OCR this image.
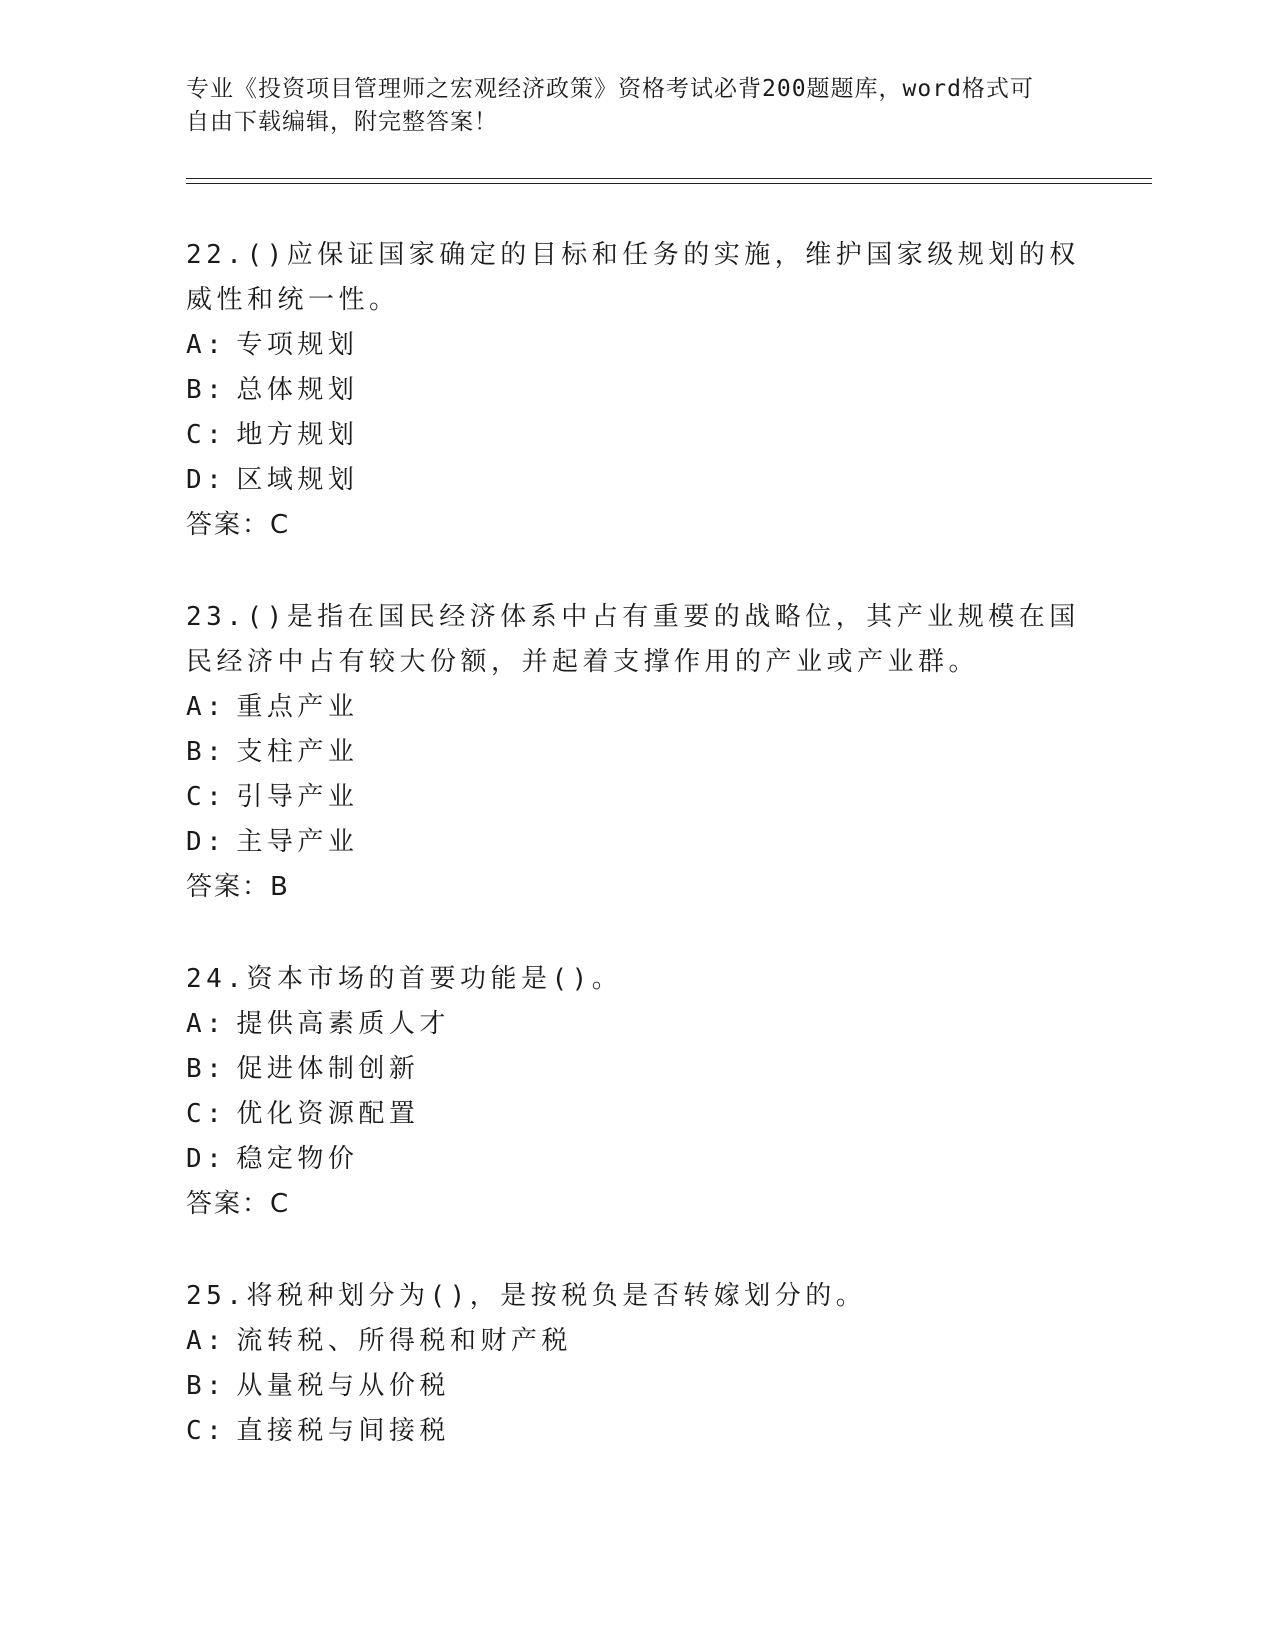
专业《投资项目管理师之宏观经济政策》资格考试必背200题题库，word格式可
自由下载编辑，附完整答案！
22.()应保证国家确定的目标和任务的实施，维护国家级规划的权威性和统一性。
A: 专项规划
B: 总体规划
C: 地方规划
D: 区域规划
答案：C
23.()是指在国民经济体系中占有重要的战略位，其产业规模在国民经济中占有较大份额，并起着支撑作用的产业或产业群。
A: 重点产业
B: 支柱产业
C: 引导产业
D: 主导产业
答案：B
24.资本市场的首要功能是()。
A: 提供高素质人才
B: 促进体制创新
C: 优化资源配置
D: 稳定物价
答案：C
25.将税种划分为()，是按税负是否转嫁划分的。
A: 流转税、所得税和财产税
B: 从量税与从价税
C: 直接税与间接税
